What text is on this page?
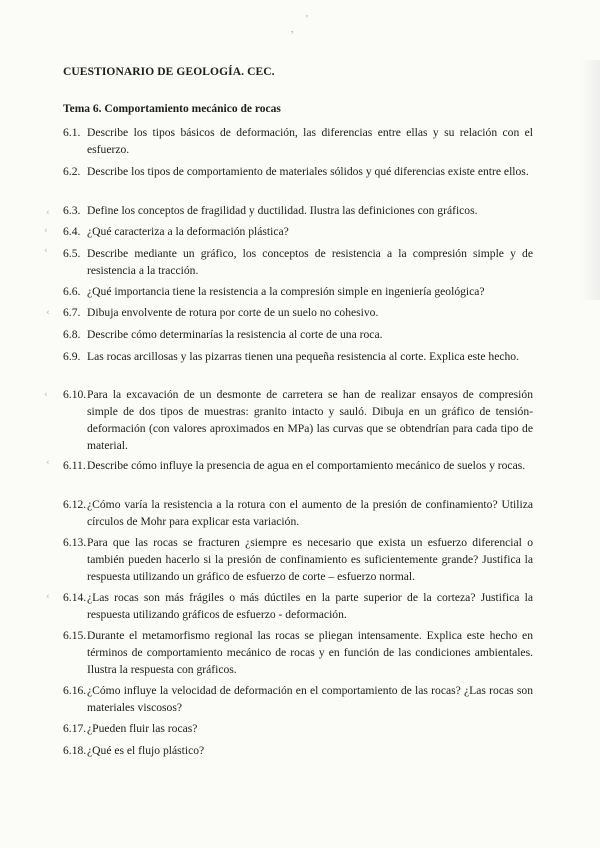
,
'
CUESTIONARIO DE GEOLOGÍA. CEC.
Tema 6. Comportamiento mecánico de rocas
‹
‹
‹
‹
‹
‹
‹
6.1. Describe los tipos básicos de deformación, las diferencias entre ellas y su relación con el esfuerzo.
6.2. Describe los tipos de comportamiento de materiales sólidos y qué diferencias existe entre ellos.
6.3. Define los conceptos de fragilidad y ductilidad. Ilustra las definiciones con gráficos.
6.4. ¿Qué caracteriza a la deformación plástica?
6.5. Describe mediante un gráfico, los conceptos de resistencia a la compresión simple y de resistencia a la tracción.
6.6. ¿Qué importancia tiene la resistencia a la compresión simple en ingeniería geológica?
6.7. Dibuja envolvente de rotura por corte de un suelo no cohesivo.
6.8. Describe cómo determinarías la resistencia al corte de una roca.
6.9. Las rocas arcillosas y las pizarras tienen una pequeña resistencia al corte. Explica este hecho.
6.10. Para la excavación de un desmonte de carretera se han de realizar ensayos de compresión simple de dos tipos de muestras: granito intacto y sauló. Dibuja en un gráfico de tensión-deformación (con valores aproximados en MPa) las curvas que se obtendrían para cada tipo de material.
6.11. Describe cómo influye la presencia de agua en el comportamiento mecánico de suelos y rocas.
6.12. ¿Cómo varía la resistencia a la rotura con el aumento de la presión de confinamiento? Utiliza círculos de Mohr para explicar esta variación.
6.13. Para que las rocas se fracturen ¿siempre es necesario que exista un esfuerzo diferencial o también pueden hacerlo si la presión de confinamiento es suficientemente grande? Justifica la respuesta utilizando un gráfico de esfuerzo de corte – esfuerzo normal.
6.14. ¿Las rocas son más frágiles o más dúctiles en la parte superior de la corteza? Justifica la respuesta utilizando gráficos de esfuerzo - deformación.
6.15. Durante el metamorfismo regional las rocas se pliegan intensamente. Explica este hecho en términos de comportamiento mecánico de rocas y en función de las condiciones ambientales. Ilustra la respuesta con gráficos.
6.16. ¿Cómo influye la velocidad de deformación en el comportamiento de las rocas? ¿Las rocas son materiales viscosos?
6.17. ¿Pueden fluir las rocas?
6.18. ¿Qué es el flujo plástico?
